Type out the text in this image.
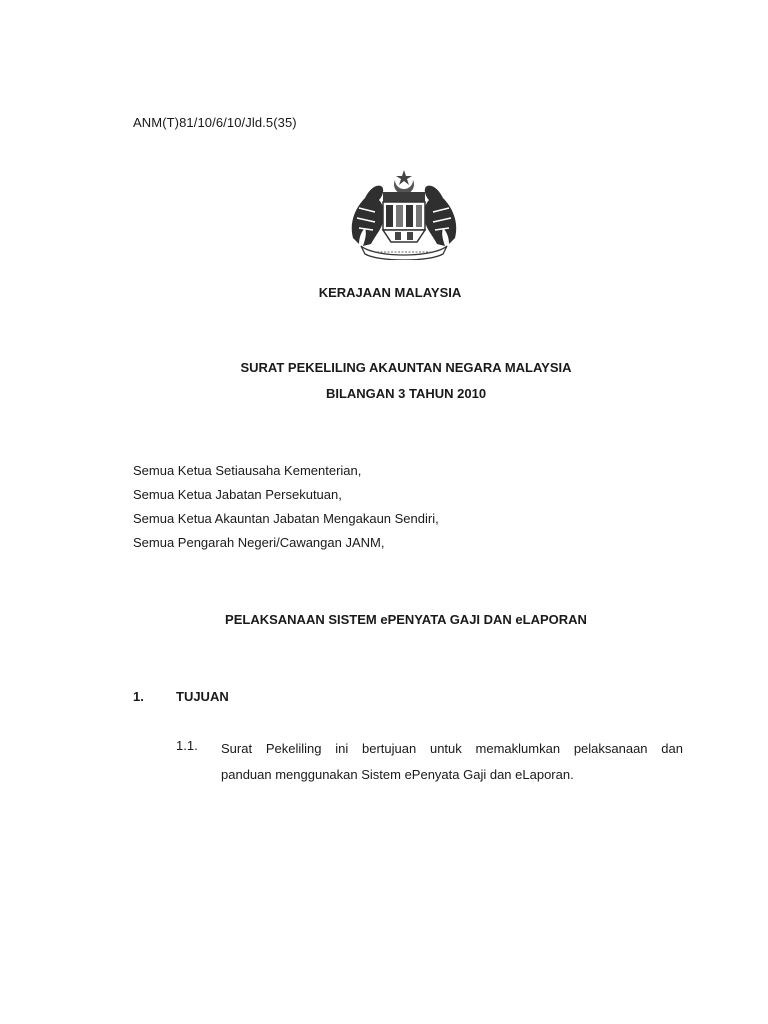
ANM(T)81/10/6/10/Jld.5(35)
KERAJAAN MALAYSIA
SURAT PEKELILING AKAUNTAN NEGARA MALAYSIA
BILANGAN 3 TAHUN 2010
Semua Ketua Setiausaha Kementerian,
Semua Ketua Jabatan Persekutuan,
Semua Ketua Akauntan Jabatan Mengakaun Sendiri,
Semua Pengarah Negeri/Cawangan JANM,
PELAKSANAAN SISTEM ePENYATA GAJI DAN eLAPORAN
1. TUJUAN
1.1. Surat Pekeliling ini bertujuan untuk memaklumkan pelaksanaan dan
panduan menggunakan Sistem ePenyata Gaji dan eLaporan.
